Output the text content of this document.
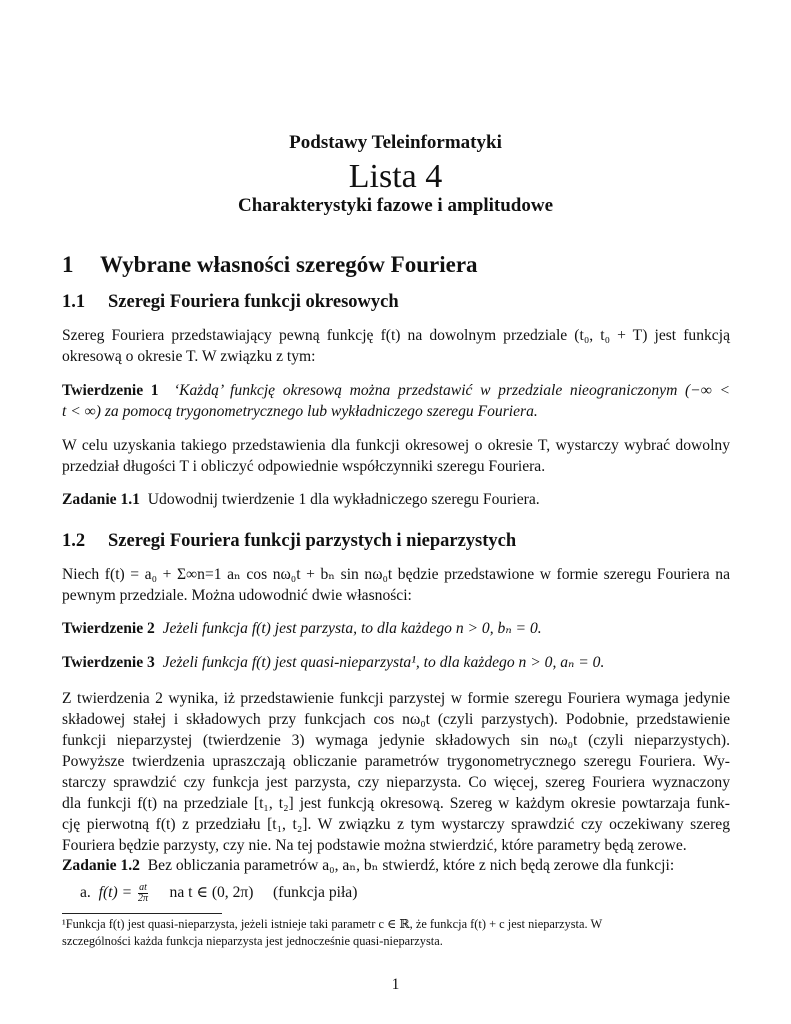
Podstawy Teleinformatyki
Lista 4
Charakterystyki fazowe i amplitudowe
1 Wybrane własności szeregów Fouriera
1.1 Szeregi Fouriera funkcji okresowych
Szereg Fouriera przedstawiający pewną funkcję f(t) na dowolnym przedziale (t₀, t₀ + T) jest funkcją
okresową o okresie T. W związku z tym:
Twierdzenie 1 ‘Każdą’ funkcję okresową można przedstawić w przedziale nieograniczonym (−∞ <
t < ∞) za pomocą trygonometrycznego lub wykładniczego szeregu Fouriera.
W celu uzyskania takiego przedstawienia dla funkcji okresowej o okresie T, wystarczy wybrać dowolny
przedział długości T i obliczyć odpowiednie współczynniki szeregu Fouriera.
Zadanie 1.1 Udowodnij twierdzenie 1 dla wykładniczego szeregu Fouriera.
1.2 Szeregi Fouriera funkcji parzystych i nieparzystych
Niech f(t) = a₀ + Σ∞n=1 aₙ cos nω₀t + bₙ sin nω₀t będzie przedstawione w formie szeregu Fouriera na
pewnym przedziale. Można udowodnić dwie własności:
Twierdzenie 2 Jeżeli funkcja f(t) jest parzysta, to dla każdego n > 0, bₙ = 0.
Twierdzenie 3 Jeżeli funkcja f(t) jest quasi-nieparzysta¹, to dla każdego n > 0, aₙ = 0.
Z twierdzenia 2 wynika, iż przedstawienie funkcji parzystej w formie szeregu Fouriera wymaga jedynie
składowej stałej i składowych przy funkcjach cos nω₀t (czyli parzystych). Podobnie, przedstawienie
funkcji nieparzystej (twierdzenie 3) wymaga jedynie składowych sin nω₀t (czyli nieparzystych).
Powyższe twierdzenia upraszczają obliczanie parametrów trygonometrycznego szeregu Fouriera. Wy-
starczy sprawdzić czy funkcja jest parzysta, czy nieparzysta. Co więcej, szereg Fouriera wyznaczony
dla funkcji f(t) na przedziale [t₁, t₂] jest funkcją okresową. Szereg w każdym okresie powtarzaja funk-
cję pierwotną f(t) z przedziału [t₁, t₂]. W związku z tym wystarczy sprawdzić czy oczekiwany szereg
Fouriera będzie parzysty, czy nie. Na tej podstawie można stwierdzić, które parametry będą zerowe.
Zadanie 1.2 Bez obliczania parametrów a₀, aₙ, bₙ stwierdź, które z nich będą zerowe dla funkcji:
a. $f(t) = \frac{at}{2\pi}$ na t ∈ (0, 2π) (funkcja piła)
¹Funkcja f(t) jest quasi-nieparzysta, jeżeli istnieje taki parametr c ∈ ℝ, że funkcja f(t) + c jest nieparzysta. W
szczególności każda funkcja nieparzysta jest jednocześnie quasi-nieparzysta.
1
